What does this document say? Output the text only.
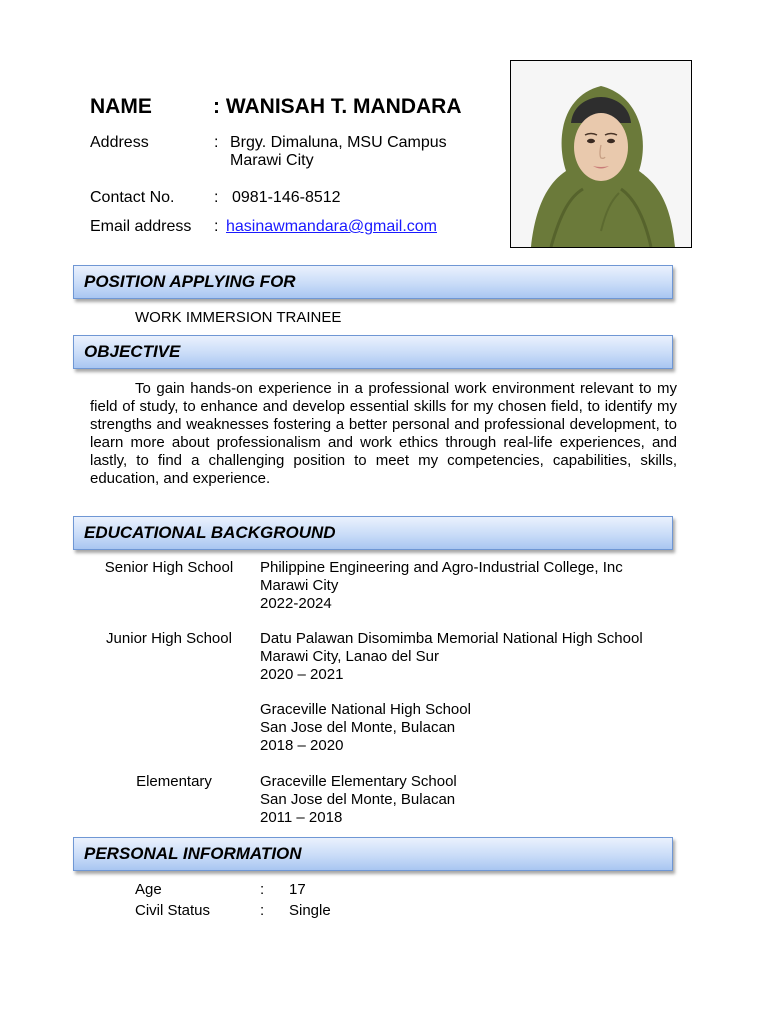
NAME	: WANISAH T. MANDARA
Address	: Brgy. Dimaluna, MSU Campus
Marawi City
Contact No. : 0981-146-8512
Email address : hasinawmandara@gmail.com
POSITION APPLYING FOR
WORK IMMERSION TRAINEE
OBJECTIVE
To gain hands-on experience in a professional work environment relevant to my field of study, to enhance and develop essential skills for my chosen field, to identify my strengths and weaknesses fostering a better personal and professional development, to learn more about professionalism and work ethics through real-life experiences, and lastly, to find a challenging position to meet my competencies, capabilities, skills, education, and experience.
EDUCATIONAL BACKGROUND
Senior High School	Philippine Engineering and Agro-Industrial College, Inc
Marawi City
2022-2024
Junior High School	Datu Palawan Disomimba Memorial National High School
Marawi City, Lanao del Sur
2020 – 2021
Graceville National High School
San Jose del Monte, Bulacan
2018 – 2020
Elementary	Graceville Elementary School
San Jose del Monte, Bulacan
2011 – 2018
PERSONAL INFORMATION
Age	: 17
Civil Status	: Single
